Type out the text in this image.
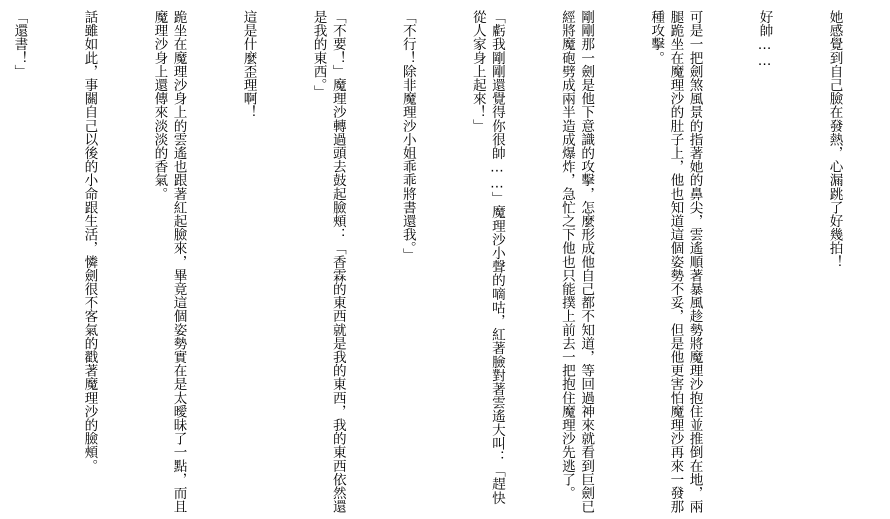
她感覺到自己臉在發熱，心漏跳了好幾拍！

好帥……

可是一把劍煞風景的指著她的鼻尖，雲遙順著暴風趁勢將魔理沙抱住並推倒在地，兩腿跪坐在魔理沙的肚子上，他也知道這個姿勢不妥，但是他更害怕魔理沙再來一發那種攻擊。

剛剛那一劍是他下意識的攻擊，怎麼形成他自己都不知道，等回過神來就看到巨劍已經將魔砲劈成兩半造成爆炸，急忙之下他也只能撲上前去一把抱住魔理沙先逃了。

「虧我剛剛還覺得你很帥……」魔理沙小聲的嘀咕，紅著臉對著雲遙大叫：「趕快從人家身上起來！」

「不行！除非魔理沙小姐乖乖將書還我。」

「不要！」魔理沙轉過頭去鼓起臉頰：「香霖的東西就是我的東西，我的東西依然還是我的東西。」

這是什麼歪理啊！

跪坐在魔理沙身上的雲遙也跟著紅起臉來，畢竟這個姿勢實在是太曖昧了一點，而且魔理沙身上還傳來淡淡的香氣。

話雖如此，事關自己以後的小命跟生活，憐劍很不客氣的戳著魔理沙的臉頰。

「還書！」
